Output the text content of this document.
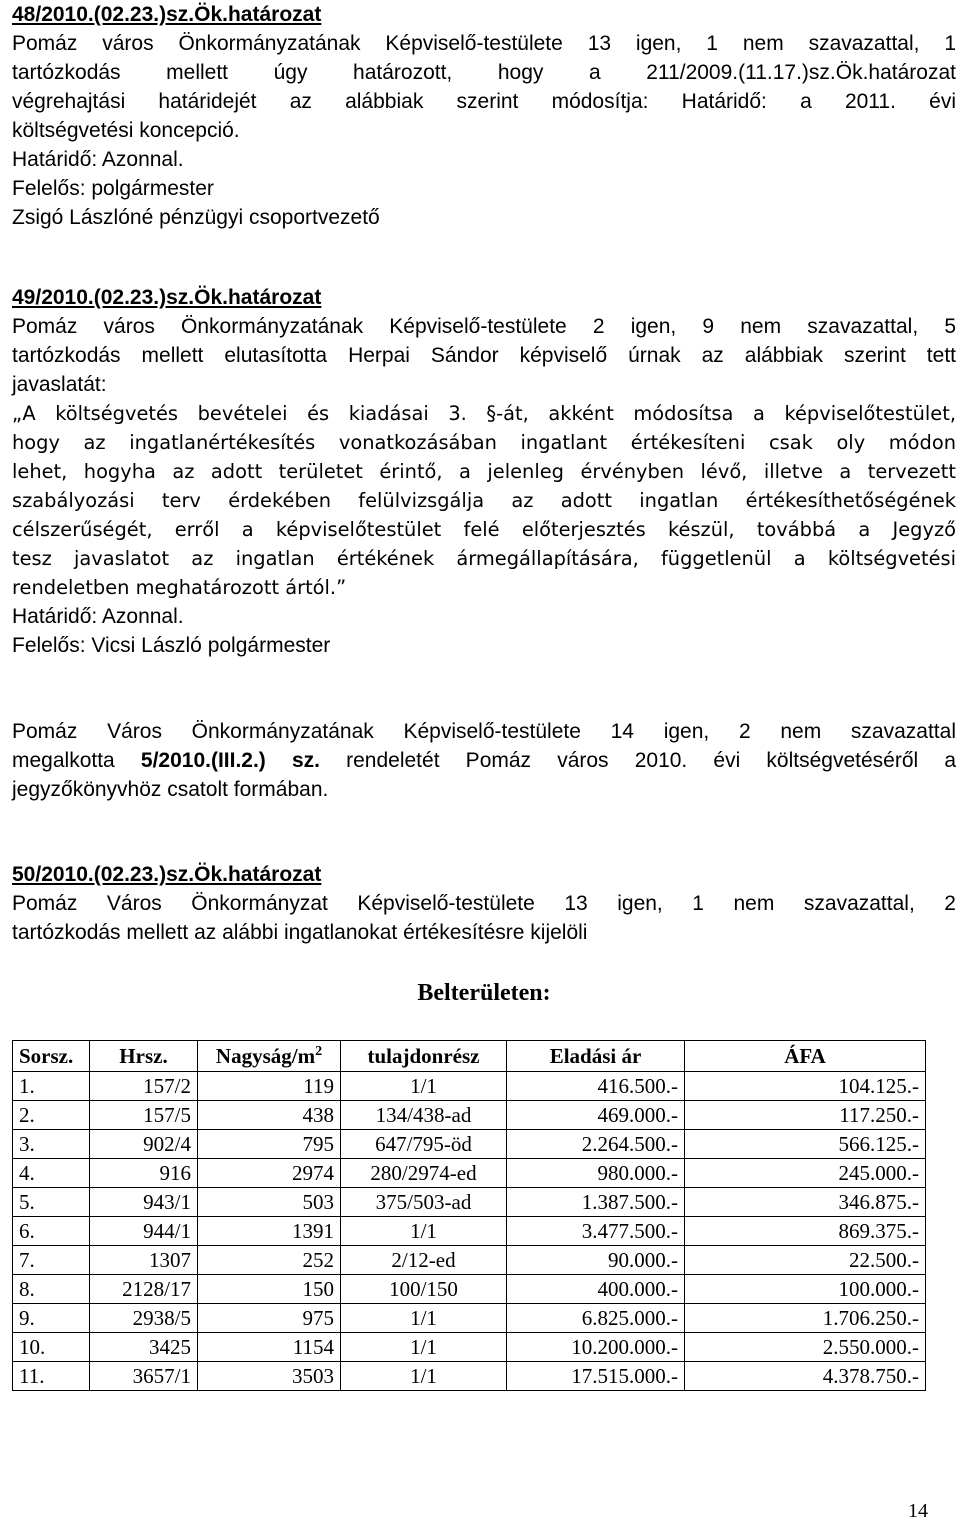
48/2010.(02.23.)sz.Ök.határozat
Pomáz város Önkormányzatának Képviselő-testülete 13 igen, 1 nem szavazattal, 1
tartózkodás mellett úgy határozott, hogy a 211/2009.(11.17.)sz.Ök.határozat
végrehajtási határidejét az alábbiak szerint módosítja: Határidő: a 2011. évi
költségvetési koncepció.
Határidő: Azonnal.
Felelős: polgármester
Zsigó Lászlóné pénzügyi csoportvezető
49/2010.(02.23.)sz.Ök.határozat
Pomáz város Önkormányzatának Képviselő-testülete 2 igen, 9 nem szavazattal, 5
tartózkodás mellett elutasította Herpai Sándor képviselő úrnak az alábbiak szerint tett
javaslatát:
„A költségvetés bevételei és kiadásai 3. §-át, akként módosítsa a képviselőtestület,
hogy az ingatlanértékesítés vonatkozásában ingatlant értékesíteni csak oly módon
lehet, hogyha az adott területet érintő, a jelenleg érvényben lévő, illetve a tervezett
szabályozási terv érdekében felülvizsgálja az adott ingatlan értékesíthetőségének
célszerűségét, erről a képviselőtestület felé előterjesztés készül, továbbá a Jegyző
tesz javaslatot az ingatlan értékének ármegállapítására, függetlenül a költségvetési
rendeletben meghatározott ártól.”
Határidő: Azonnal.
Felelős: Vicsi László polgármester
Pomáz Város Önkormányzatának Képviselő-testülete 14 igen, 2 nem szavazattal
megalkotta 5/2010.(III.2.) sz. rendeletét Pomáz város 2010. évi költségvetéséről a
jegyzőkönyvhöz csatolt formában.
50/2010.(02.23.)sz.Ök.határozat
Pomáz Város Önkormányzat Képviselő-testülete 13 igen, 1 nem szavazattal, 2
tartózkodás mellett az alábbi ingatlanokat értékesítésre kijelöli
Belterületen:
Sorsz.	Hrsz.	Nagyság/$m^2$	tulajdonrész	Eladási ár	ÁFA
1.	157/2	119	1/1	416.500.-	104.125.-
2.	157/5	438	134/438-ad	469.000.-	117.250.-
3.	902/4	795	647/795-öd	2.264.500.-	566.125.-
4.	916	2974	280/2974-ed	980.000.-	245.000.-
5.	943/1	503	375/503-ad	1.387.500.-	346.875.-
6.	944/1	1391	1/1	3.477.500.-	869.375.-
7.	1307	252	2/12-ed	90.000.-	22.500.-
8.	2128/17	150	100/150	400.000.-	100.000.-
9.	2938/5	975	1/1	6.825.000.-	1.706.250.-
10.	3425	1154	1/1	10.200.000.-	2.550.000.-
11.	3657/1	3503	1/1	17.515.000.-	4.378.750.-
14
